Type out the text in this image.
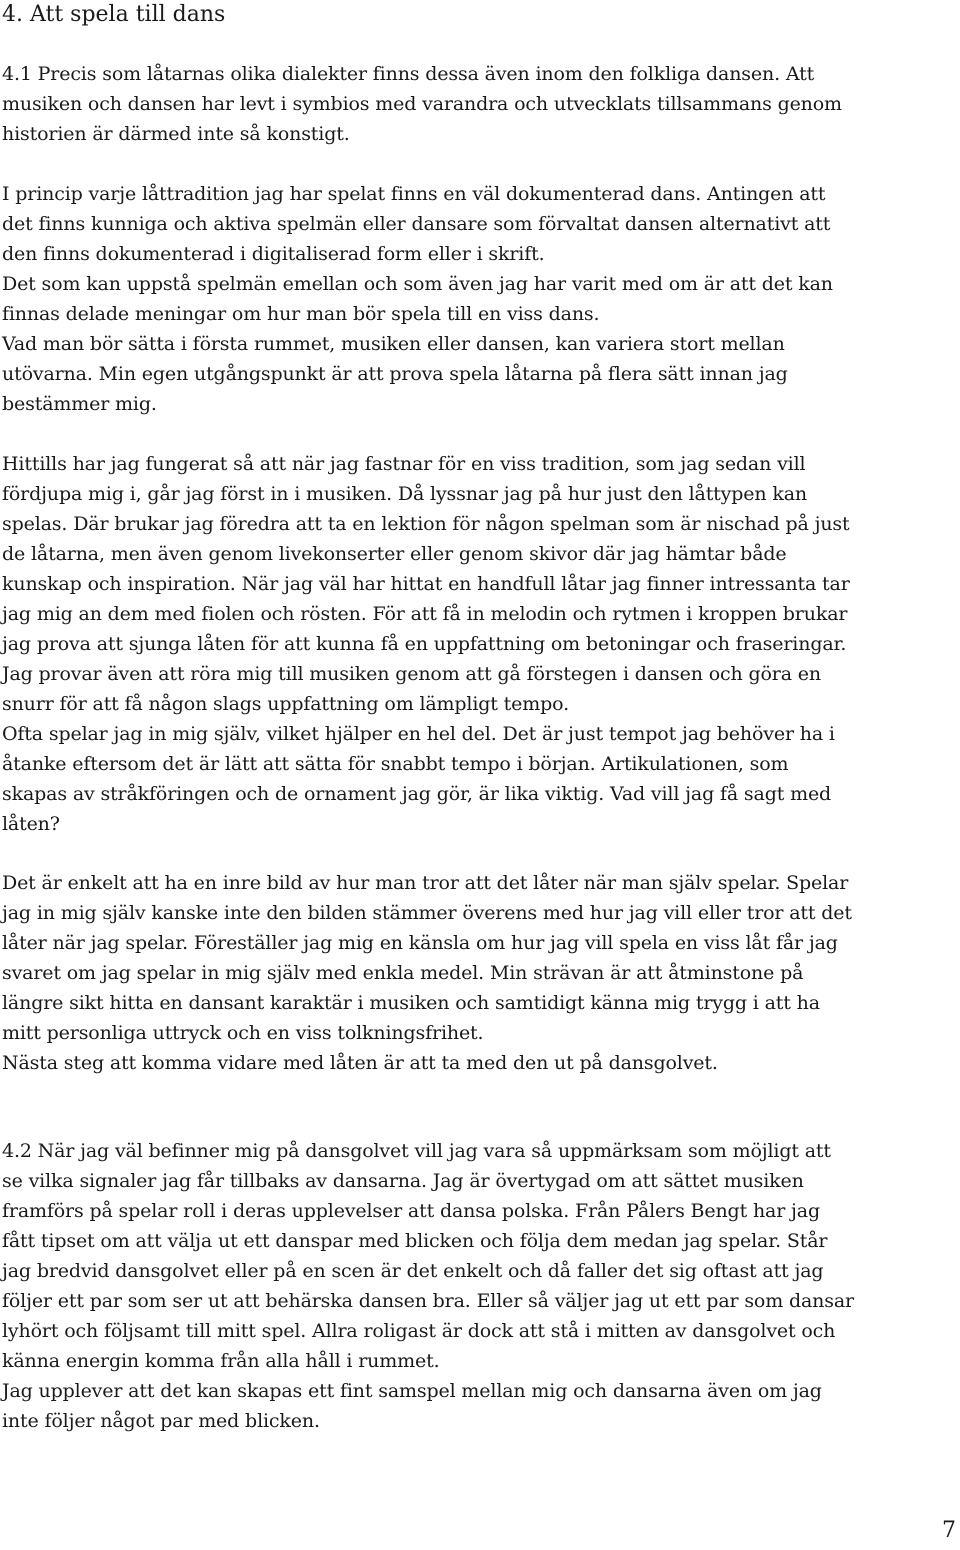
4. Att spela till dans
4.1 Precis som låtarnas olika dialekter finns dessa även inom den folkliga dansen. Att
musiken och dansen har levt i symbios med varandra och utvecklats tillsammans genom
historien är därmed inte så konstigt.
I princip varje låttradition jag har spelat finns en väl dokumenterad dans. Antingen att
det finns kunniga och aktiva spelmän eller dansare som förvaltat dansen alternativt att
den finns dokumenterad i digitaliserad form eller i skrift.
Det som kan uppstå spelmän emellan och som även jag har varit med om är att det kan
finnas delade meningar om hur man bör spela till en viss dans.
Vad man bör sätta i första rummet, musiken eller dansen, kan variera stort mellan
utövarna. Min egen utgångspunkt är att prova spela låtarna på flera sätt innan jag
bestämmer mig.
Hittills har jag fungerat så att när jag fastnar för en viss tradition, som jag sedan vill
fördjupa mig i, går jag först in i musiken. Då lyssnar jag på hur just den låttypen kan
spelas. Där brukar jag föredra att ta en lektion för någon spelman som är nischad på just
de låtarna, men även genom livekonserter eller genom skivor där jag hämtar både
kunskap och inspiration. När jag väl har hittat en handfull låtar jag finner intressanta tar
jag mig an dem med fiolen och rösten. För att få in melodin och rytmen i kroppen brukar
jag prova att sjunga låten för att kunna få en uppfattning om betoningar och fraseringar.
Jag provar även att röra mig till musiken genom att gå förstegen i dansen och göra en
snurr för att få någon slags uppfattning om lämpligt tempo.
Ofta spelar jag in mig själv, vilket hjälper en hel del. Det är just tempot jag behöver ha i
åtanke eftersom det är lätt att sätta för snabbt tempo i början. Artikulationen, som
skapas av stråkföringen och de ornament jag gör, är lika viktig. Vad vill jag få sagt med
låten?
Det är enkelt att ha en inre bild av hur man tror att det låter när man själv spelar. Spelar
jag in mig själv kanske inte den bilden stämmer överens med hur jag vill eller tror att det
låter när jag spelar. Föreställer jag mig en känsla om hur jag vill spela en viss låt får jag
svaret om jag spelar in mig själv med enkla medel. Min strävan är att åtminstone på
längre sikt hitta en dansant karaktär i musiken och samtidigt känna mig trygg i att ha
mitt personliga uttryck och en viss tolkningsfrihet.
Nästa steg att komma vidare med låten är att ta med den ut på dansgolvet.
4.2 När jag väl befinner mig på dansgolvet vill jag vara så uppmärksam som möjligt att
se vilka signaler jag får tillbaks av dansarna. Jag är övertygad om att sättet musiken
framförs på spelar roll i deras upplevelser att dansa polska. Från Pålers Bengt har jag
fått tipset om att välja ut ett danspar med blicken och följa dem medan jag spelar. Står
jag bredvid dansgolvet eller på en scen är det enkelt och då faller det sig oftast att jag
följer ett par som ser ut att behärska dansen bra. Eller så väljer jag ut ett par som dansar
lyhört och följsamt till mitt spel. Allra roligast är dock att stå i mitten av dansgolvet och
känna energin komma från alla håll i rummet.
Jag upplever att det kan skapas ett fint samspel mellan mig och dansarna även om jag
inte följer något par med blicken.
7
